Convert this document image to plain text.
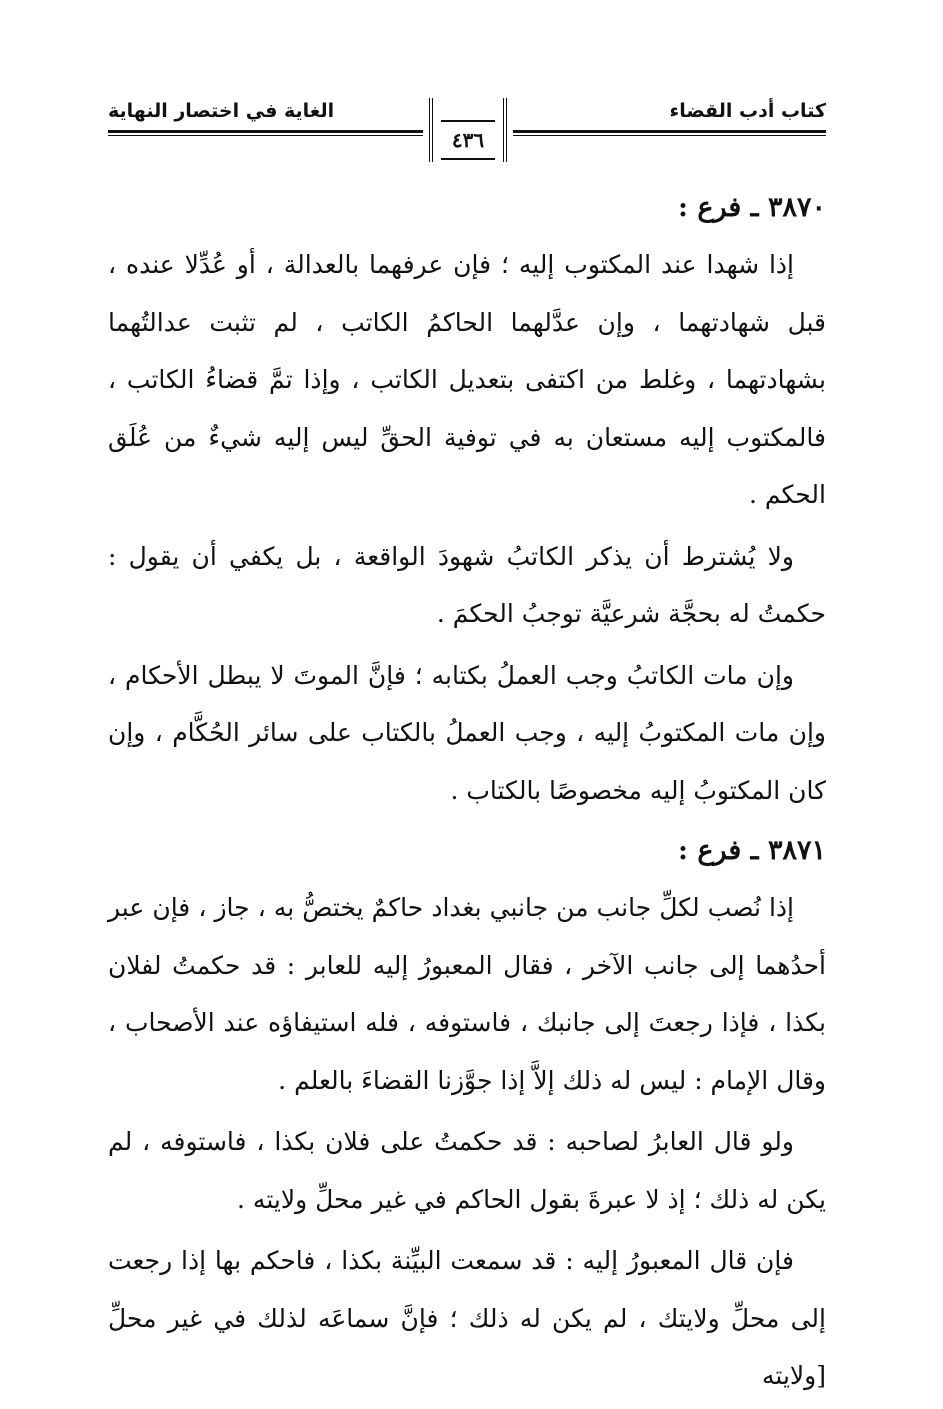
كتاب أدب القضاء
الغاية في اختصار النهاية
٤٣٦
٣٨٧٠ ـ فرع :

إذا شهدا عند المكتوب إليه ؛ فإن عرفهما بالعدالة ، أو عُدِّلا عنده ، قبل شهادتهما ، وإن عدَّلهما الحاكمُ الكاتب ، لم تثبت عدالتُهما بشهادتهما ، وغلط من اكتفى بتعديل الكاتب ، وإذا تمَّ قضاءُ الكاتب ، فالمكتوب إليه مستعان به في توفية الحقِّ ليس إليه شيءٌ من عُلَق الحكم .

ولا يُشترط أن يذكر الكاتبُ شهودَ الواقعة ، بل يكفي أن يقول : حكمتُ له بحجَّة شرعيَّة توجبُ الحكمَ .

وإن مات الكاتبُ وجب العملُ بكتابه ؛ فإنَّ الموتَ لا يبطل الأحكام ، وإن مات المكتوبُ إليه ، وجب العملُ بالكتاب على سائر الحُكَّام ، وإن كان المكتوبُ إليه مخصوصًا بالكتاب .

٣٨٧١ ـ فرع :

إذا نُصب لكلِّ جانب من جانبي بغداد حاكمٌ يختصُّ به ، جاز ، فإن عبر أحدُهما إلى جانب الآخر ، فقال المعبورُ إليه للعابر : قد حكمتُ لفلان بكذا ، فإذا رجعتَ إلى جانبك ، فاستوفه ، فله استيفاؤه عند الأصحاب ، وقال الإمام : ليس له ذلك إلاَّ إذا جوَّزنا القضاءَ بالعلم .

ولو قال العابرُ لصاحبه : قد حكمتُ على فلان بكذا ، فاستوفه ، لم يكن له ذلك ؛ إذ لا عبرةَ بقول الحاكم في غير محلِّ ولايته .

فإن قال المعبورُ إليه : قد سمعت البيِّنة بكذا ، فاحكم بها إذا رجعت إلى محلِّ ولايتك ، لم يكن له ذلك ؛ فإنَّ سماعَه لذلك في غير محلِّ [ولايته
